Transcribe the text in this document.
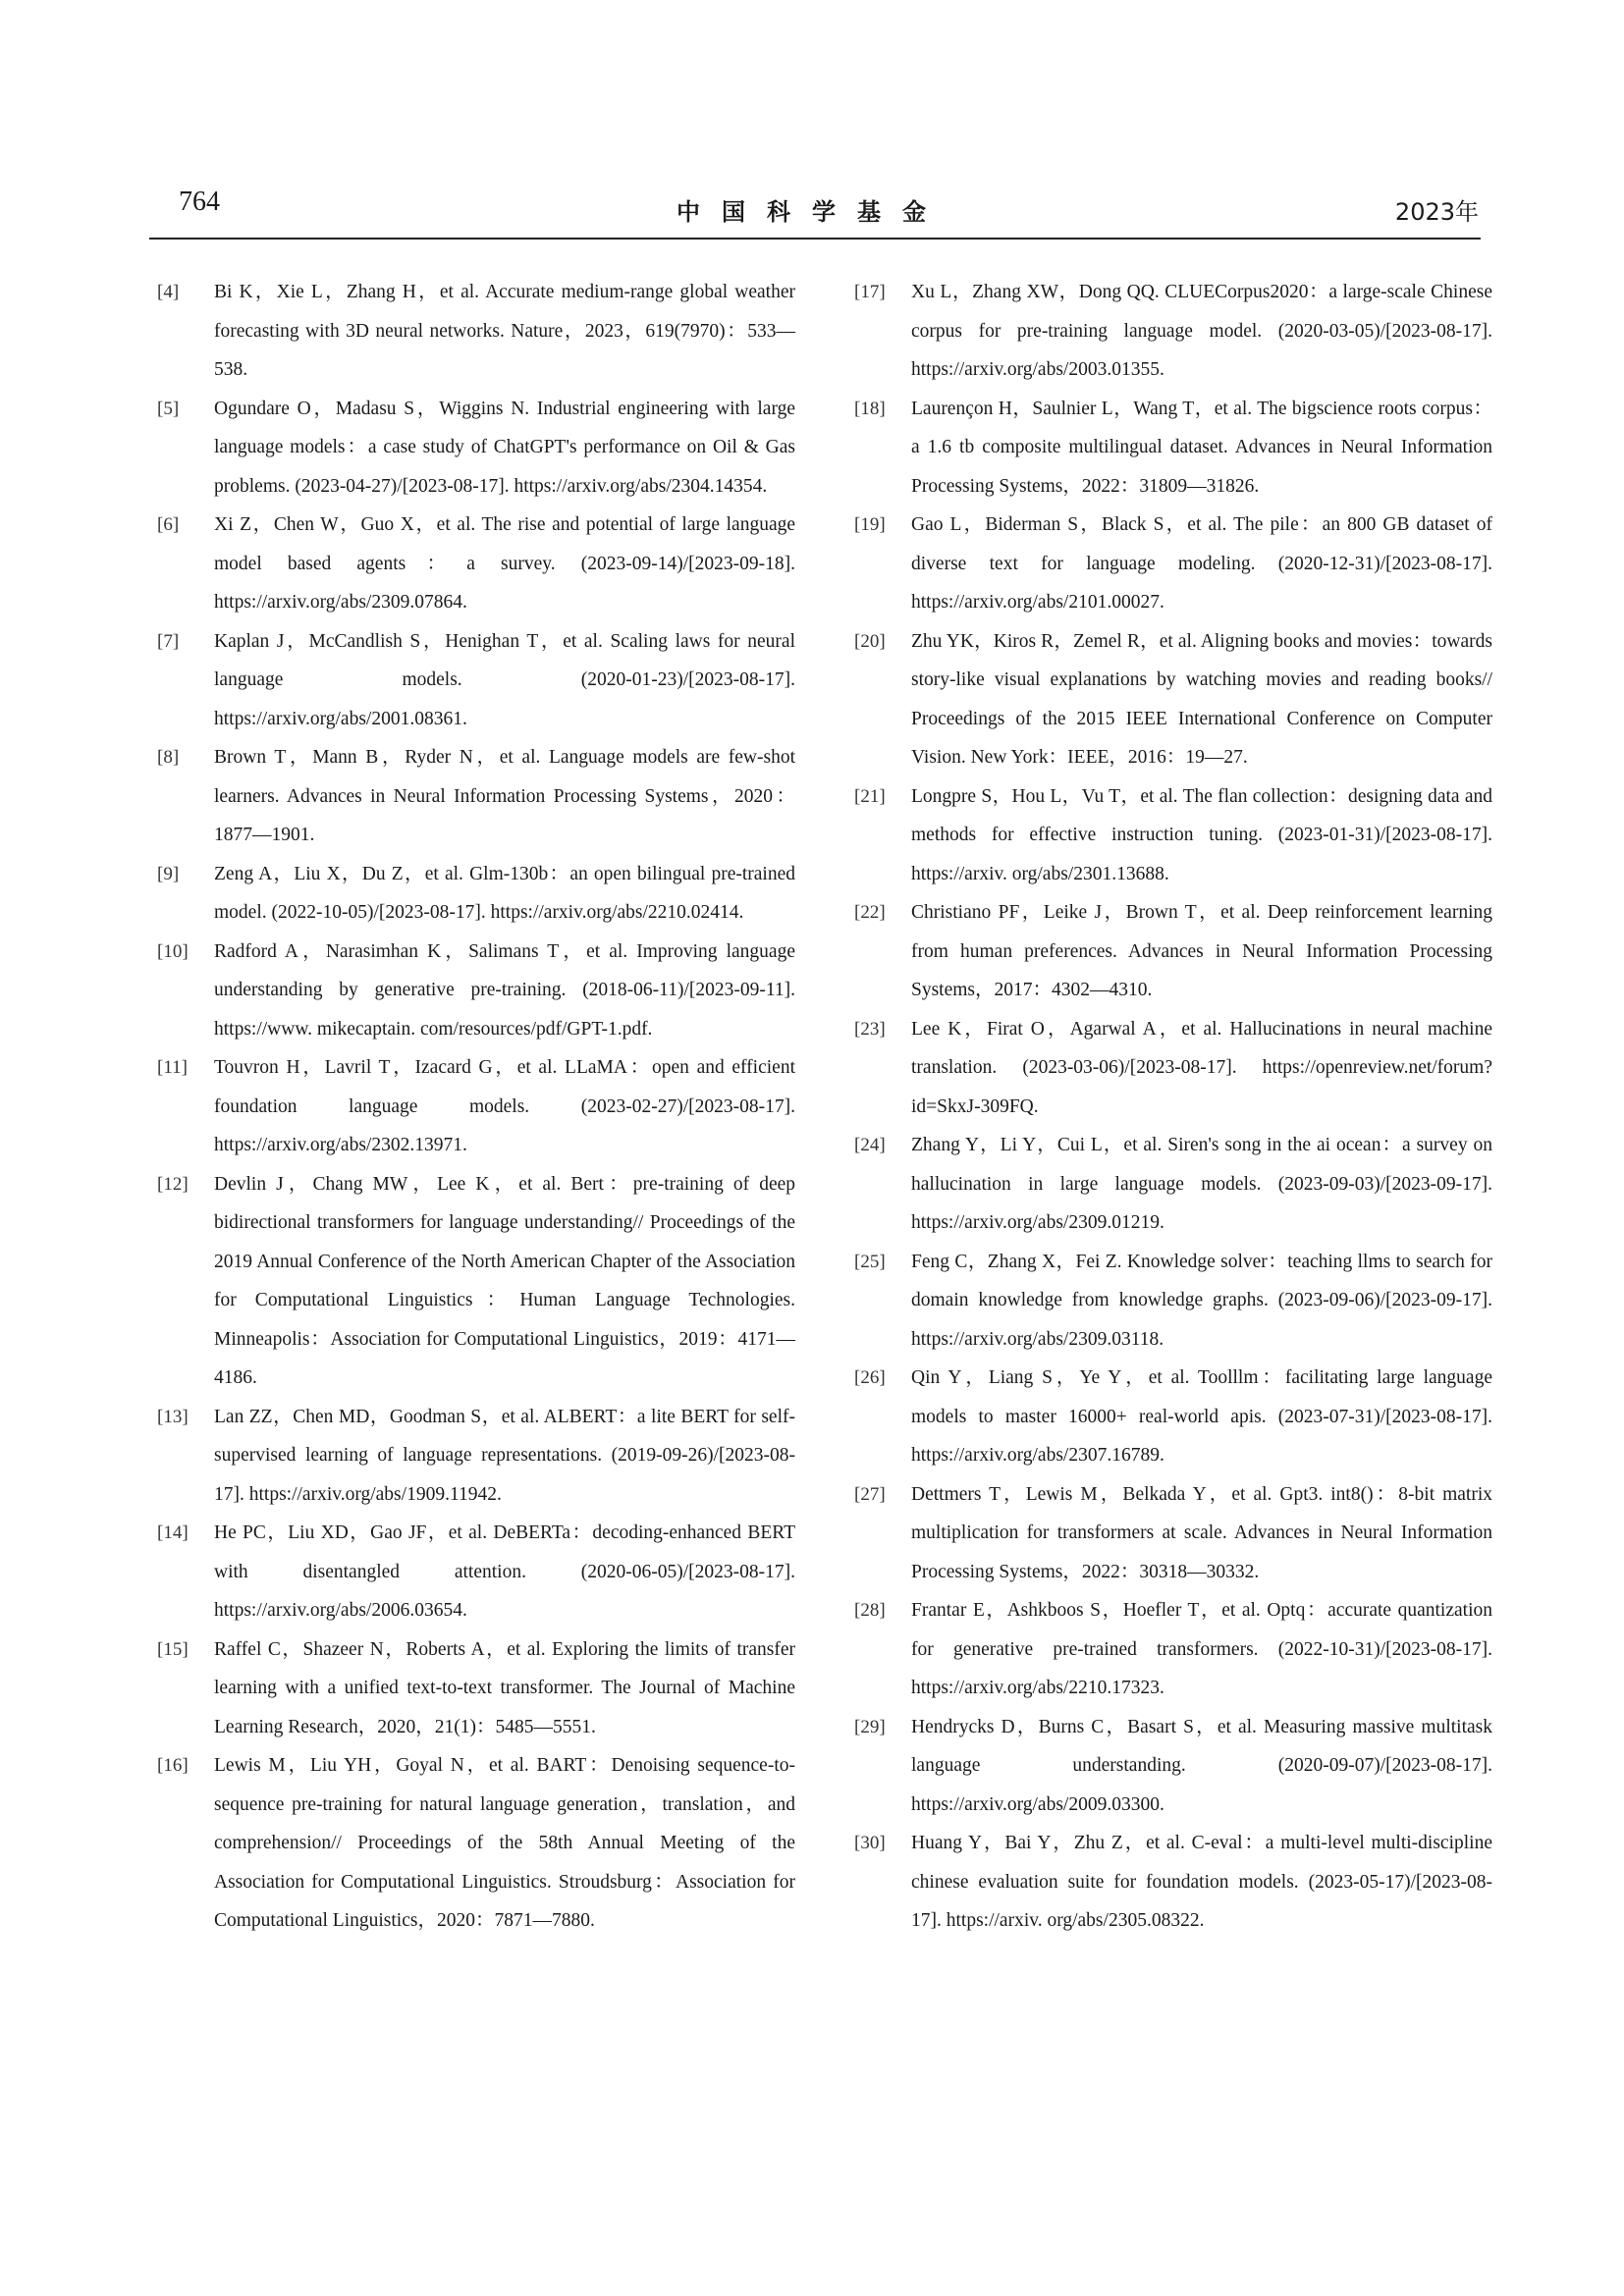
764	中国科学基金	2023年
[4]	Bi K，Xie L，Zhang H，et al. Accurate medium-range global weather forecasting with 3D neural networks. Nature，2023，619(7970)：533—538.
[5]	Ogundare O，Madasu S，Wiggins N. Industrial engineering with large language models：a case study of ChatGPT's performance on Oil & Gas problems. (2023-04-27)/[2023-08-17]. https://arxiv.org/abs/2304.14354.
[6]	Xi Z，Chen W，Guo X，et al. The rise and potential of large language model based agents：a survey. (2023-09-14)/[2023-09-18]. https://arxiv.org/abs/2309.07864.
[7]	Kaplan J，McCandlish S，Henighan T，et al. Scaling laws for neural language models. (2020-01-23)/[2023-08-17]. https://arxiv.org/abs/2001.08361.
[8]	Brown T，Mann B，Ryder N，et al. Language models are few-shot learners. Advances in Neural Information Processing Systems，2020：1877—1901.
[9]	Zeng A，Liu X，Du Z，et al. Glm-130b：an open bilingual pre-trained model. (2022-10-05)/[2023-08-17]. https://arxiv.org/abs/2210.02414.
[10]	Radford A，Narasimhan K，Salimans T，et al. Improving language understanding by generative pre-training. (2018-06-11)/[2023-09-11]. https://www. mikecaptain. com/resources/pdf/GPT-1.pdf.
[11]	Touvron H，Lavril T，Izacard G，et al. LLaMA：open and efficient foundation language models. (2023-02-27)/[2023-08-17]. https://arxiv.org/abs/2302.13971.
[12]	Devlin J，Chang MW，Lee K，et al. Bert：pre-training of deep bidirectional transformers for language understanding// Proceedings of the 2019 Annual Conference of the North American Chapter of the Association for Computational Linguistics：Human Language Technologies. Minneapolis：Association for Computational Linguistics，2019：4171—4186.
[13]	Lan ZZ，Chen MD，Goodman S，et al. ALBERT：a lite BERT for self-supervised learning of language representations. (2019-09-26)/[2023-08-17]. https://arxiv.org/abs/1909.11942.
[14]	He PC，Liu XD，Gao JF，et al. DeBERTa：decoding-enhanced BERT with disentangled attention. (2020-06-05)/[2023-08-17]. https://arxiv.org/abs/2006.03654.
[15]	Raffel C，Shazeer N，Roberts A，et al. Exploring the limits of transfer learning with a unified text-to-text transformer. The Journal of Machine Learning Research，2020，21(1)：5485—5551.
[16]	Lewis M，Liu YH，Goyal N，et al. BART：Denoising sequence-to-sequence pre-training for natural language generation，translation，and comprehension// Proceedings of the 58th Annual Meeting of the Association for Computational Linguistics. Stroudsburg：Association for Computational Linguistics，2020：7871—7880.
[17]	Xu L，Zhang XW，Dong QQ. CLUECorpus2020：a large-scale Chinese corpus for pre-training language model. (2020-03-05)/[2023-08-17]. https://arxiv.org/abs/2003.01355.
[18]	Laurençon H，Saulnier L，Wang T，et al. The bigscience roots corpus：a 1.6 tb composite multilingual dataset. Advances in Neural Information Processing Systems，2022：31809—31826.
[19]	Gao L，Biderman S，Black S，et al. The pile：an 800 GB dataset of diverse text for language modeling. (2020-12-31)/[2023-08-17]. https://arxiv.org/abs/2101.00027.
[20]	Zhu YK，Kiros R，Zemel R，et al. Aligning books and movies：towards story-like visual explanations by watching movies and reading books// Proceedings of the 2015 IEEE International Conference on Computer Vision. New York：IEEE，2016：19—27.
[21]	Longpre S，Hou L，Vu T，et al. The flan collection：designing data and methods for effective instruction tuning. (2023-01-31)/[2023-08-17]. https://arxiv. org/abs/2301.13688.
[22]	Christiano PF，Leike J，Brown T，et al. Deep reinforcement learning from human preferences. Advances in Neural Information Processing Systems，2017：4302—4310.
[23]	Lee K，Firat O，Agarwal A，et al. Hallucinations in neural machine translation. (2023-03-06)/[2023-08-17]. https://openreview.net/forum? id=SkxJ-309FQ.
[24]	Zhang Y，Li Y，Cui L，et al. Siren's song in the ai ocean：a survey on hallucination in large language models. (2023-09-03)/[2023-09-17]. https://arxiv.org/abs/2309.01219.
[25]	Feng C，Zhang X，Fei Z. Knowledge solver：teaching llms to search for domain knowledge from knowledge graphs. (2023-09-06)/[2023-09-17]. https://arxiv.org/abs/2309.03118.
[26]	Qin Y，Liang S，Ye Y，et al. Toolllm：facilitating large language models to master 16000+ real-world apis. (2023-07-31)/[2023-08-17]. https://arxiv.org/abs/2307.16789.
[27]	Dettmers T，Lewis M，Belkada Y，et al. Gpt3. int8()：8-bit matrix multiplication for transformers at scale. Advances in Neural Information Processing Systems，2022：30318—30332.
[28]	Frantar E，Ashkboos S，Hoefler T，et al. Optq：accurate quantization for generative pre-trained transformers. (2022-10-31)/[2023-08-17]. https://arxiv.org/abs/2210.17323.
[29]	Hendrycks D，Burns C，Basart S，et al. Measuring massive multitask language understanding. (2020-09-07)/[2023-08-17]. https://arxiv.org/abs/2009.03300.
[30]	Huang Y，Bai Y，Zhu Z，et al. C-eval：a multi-level multi-discipline chinese evaluation suite for foundation models. (2023-05-17)/[2023-08-17]. https://arxiv. org/abs/2305.08322.
